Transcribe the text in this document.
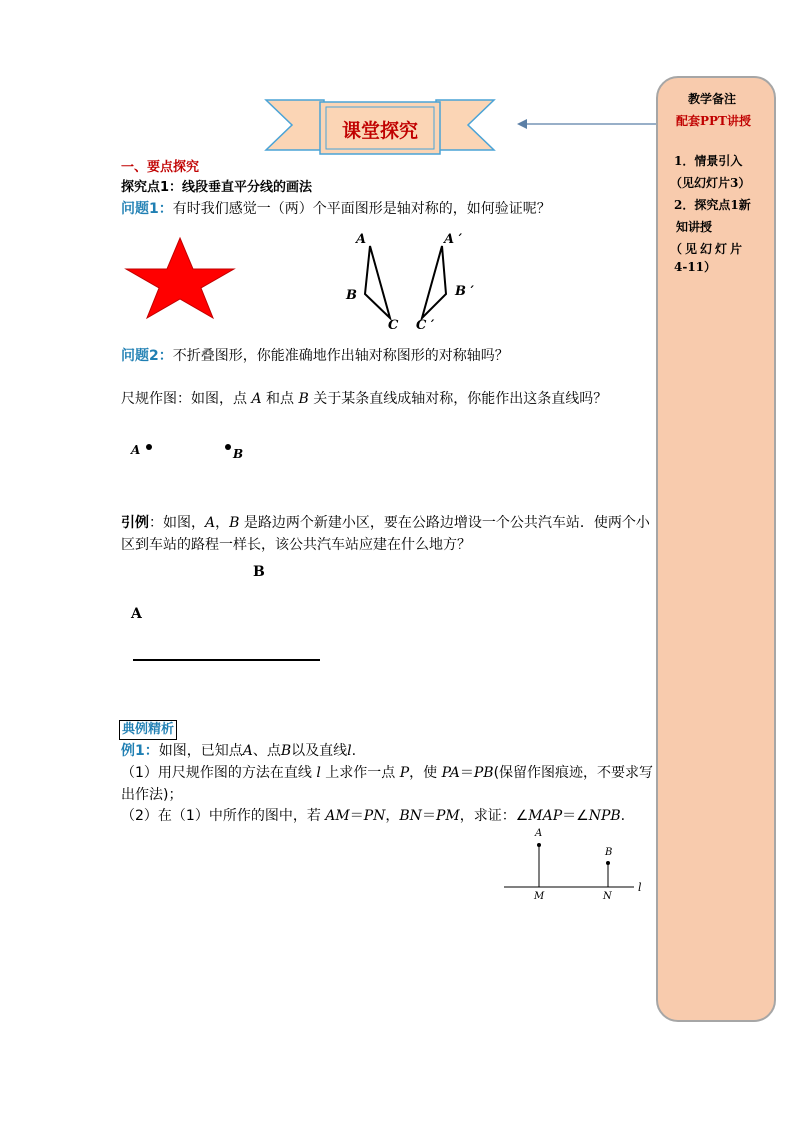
课堂探究
一、要点探究
探究点1：线段垂直平分线的画法
问题1：有时我们感觉一（两）个平面图形是轴对称的，如何验证呢？
A
B
C
A ′
B ′
C ′
问题2：不折叠图形，你能准确地作出轴对称图形的对称轴吗？
尺规作图：如图，点 A 和点 B 关于某条直线成轴对称，你能作出这条直线吗？
A	B
引例：如图，A，B 是路边两个新建小区，要在公路边增设一个公共汽车站．使两个小
区到车站的路程一样长，该公共汽车站应建在什么地方？
B
A
典例精析
例1：如图，已知点A、点B以及直线l.
（1）用尺规作图的方法在直线 l 上求作一点 P，使 PA＝PB(保留作图痕迹，不要求写
出作法)；
（2）在（1）中所作的图中，若 AM＝PN，BN＝PM，求证：∠MAP＝∠NPB.
A
B
M	N
l
教学备注
配套PPT讲授
1．情景引入
（见幻灯片3）
2．探究点1新
知讲授
（见幻灯片
4-11）
